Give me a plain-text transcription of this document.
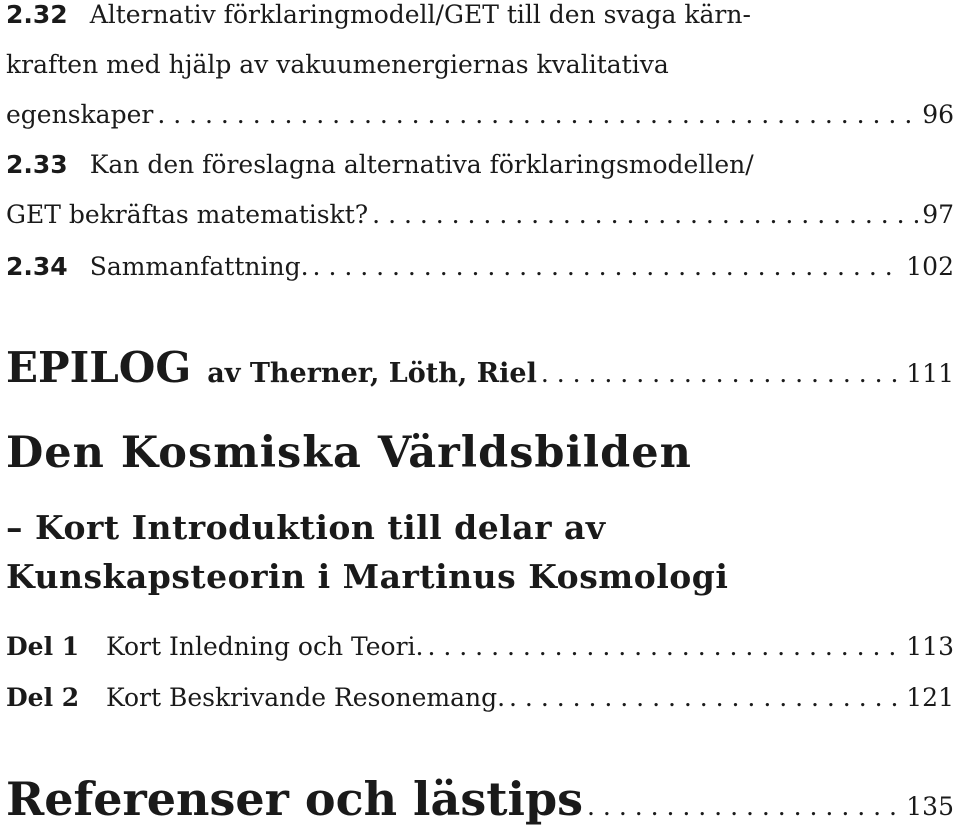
2.32 Alternativ förklaringmodell/GET till den svaga kärn-
kraften med hjälp av vakuumenergiernas kvalitativa
egenskaper . . .	96
2.33 Kan den föreslagna alternativa förklaringsmodellen/
GET bekräftas matematiskt? . . .	97
2.34 Sammanfattning. . . .	102
EPILOG av Therner, Löth, Riel . . .	111
Den Kosmiska Världsbilden
– Kort Introduktion till delar av
Kunskapsteorin i Martinus Kosmologi
Del 1	Kort Inledning och Teori. . . .	113
Del 2	Kort Beskrivande Resonemang. . . .	121
Referenser och lästips . . .	135
